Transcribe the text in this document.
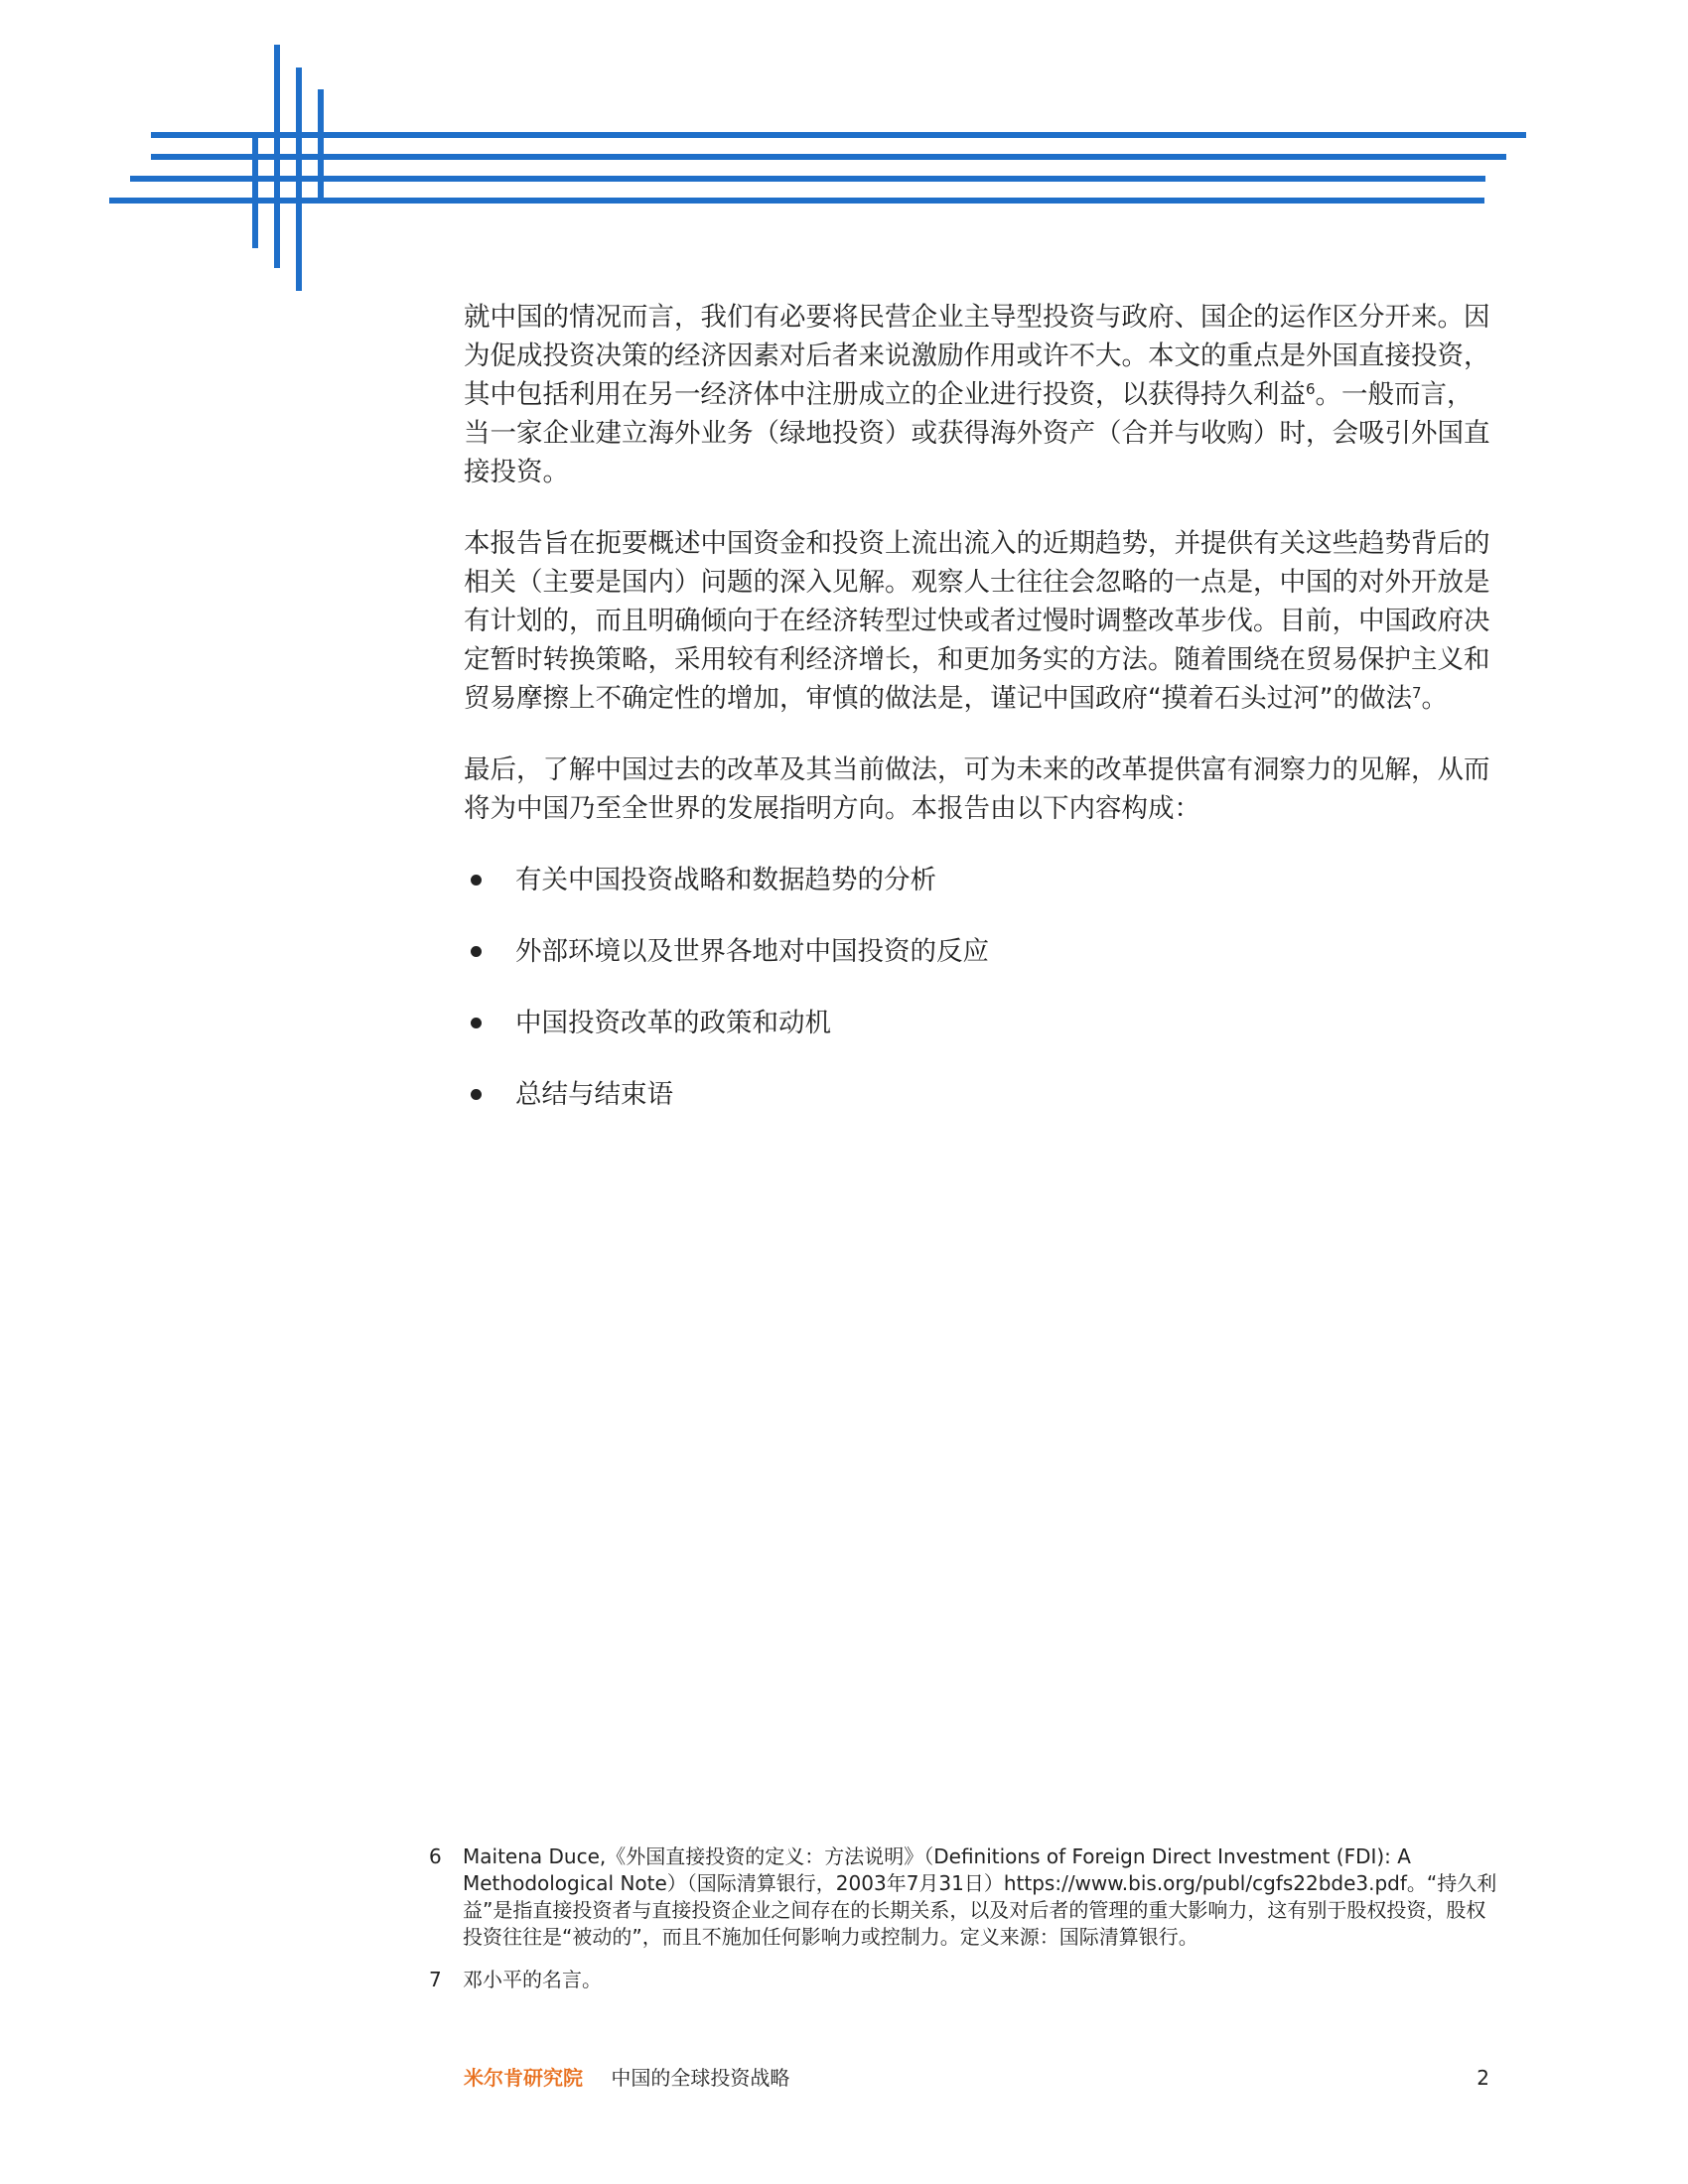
就中国的情况而言，我们有必要将民营企业主导型投资与政府、国企的运作区分开来。因为促成投资决策的经济因素对后者来说激励作用或许不大。本文的重点是外国直接投资，其中包括利用在另一经济体中注册成立的企业进行投资，以获得持久利益$^6$。一般而言，当一家企业建立海外业务（绿地投资）或获得海外资产（合并与收购）时，会吸引外国直接投资。

本报告旨在扼要概述中国资金和投资上流出流入的近期趋势，并提供有关这些趋势背后的相关（主要是国内）问题的深入见解。观察人士往往会忽略的一点是，中国的对外开放是有计划的，而且明确倾向于在经济转型过快或者过慢时调整改革步伐。目前，中国政府决定暂时转换策略，采用较有利经济增长，和更加务实的方法。随着围绕在贸易保护主义和贸易摩擦上不确定性的增加，审慎的做法是，谨记中国政府“摸着石头过河”的做法$^7$。

最后，了解中国过去的改革及其当前做法，可为未来的改革提供富有洞察力的见解，从而将为中国乃至全世界的发展指明方向。本报告由以下内容构成：

有关中国投资战略和数据趋势的分析
外部环境以及世界各地对中国投资的反应
中国投资改革的政策和动机
总结与结束语
6 Maitena Duce,《外国直接投资的定义：方法说明》（Definitions of Foreign Direct Investment (FDI): A Methodological Note）（国际清算银行，2003年7月31日）https://www.bis.org/publ/cgfs22bde3.pdf。“持久利益”是指直接投资者与直接投资企业之间存在的长期关系，以及对后者的管理的重大影响力，这有别于股权投资，股权投资往往是“被动的”，而且不施加任何影响力或控制力。定义来源：国际清算银行。
7 邓小平的名言。
米尔肯研究院 中国的全球投资战略	2
